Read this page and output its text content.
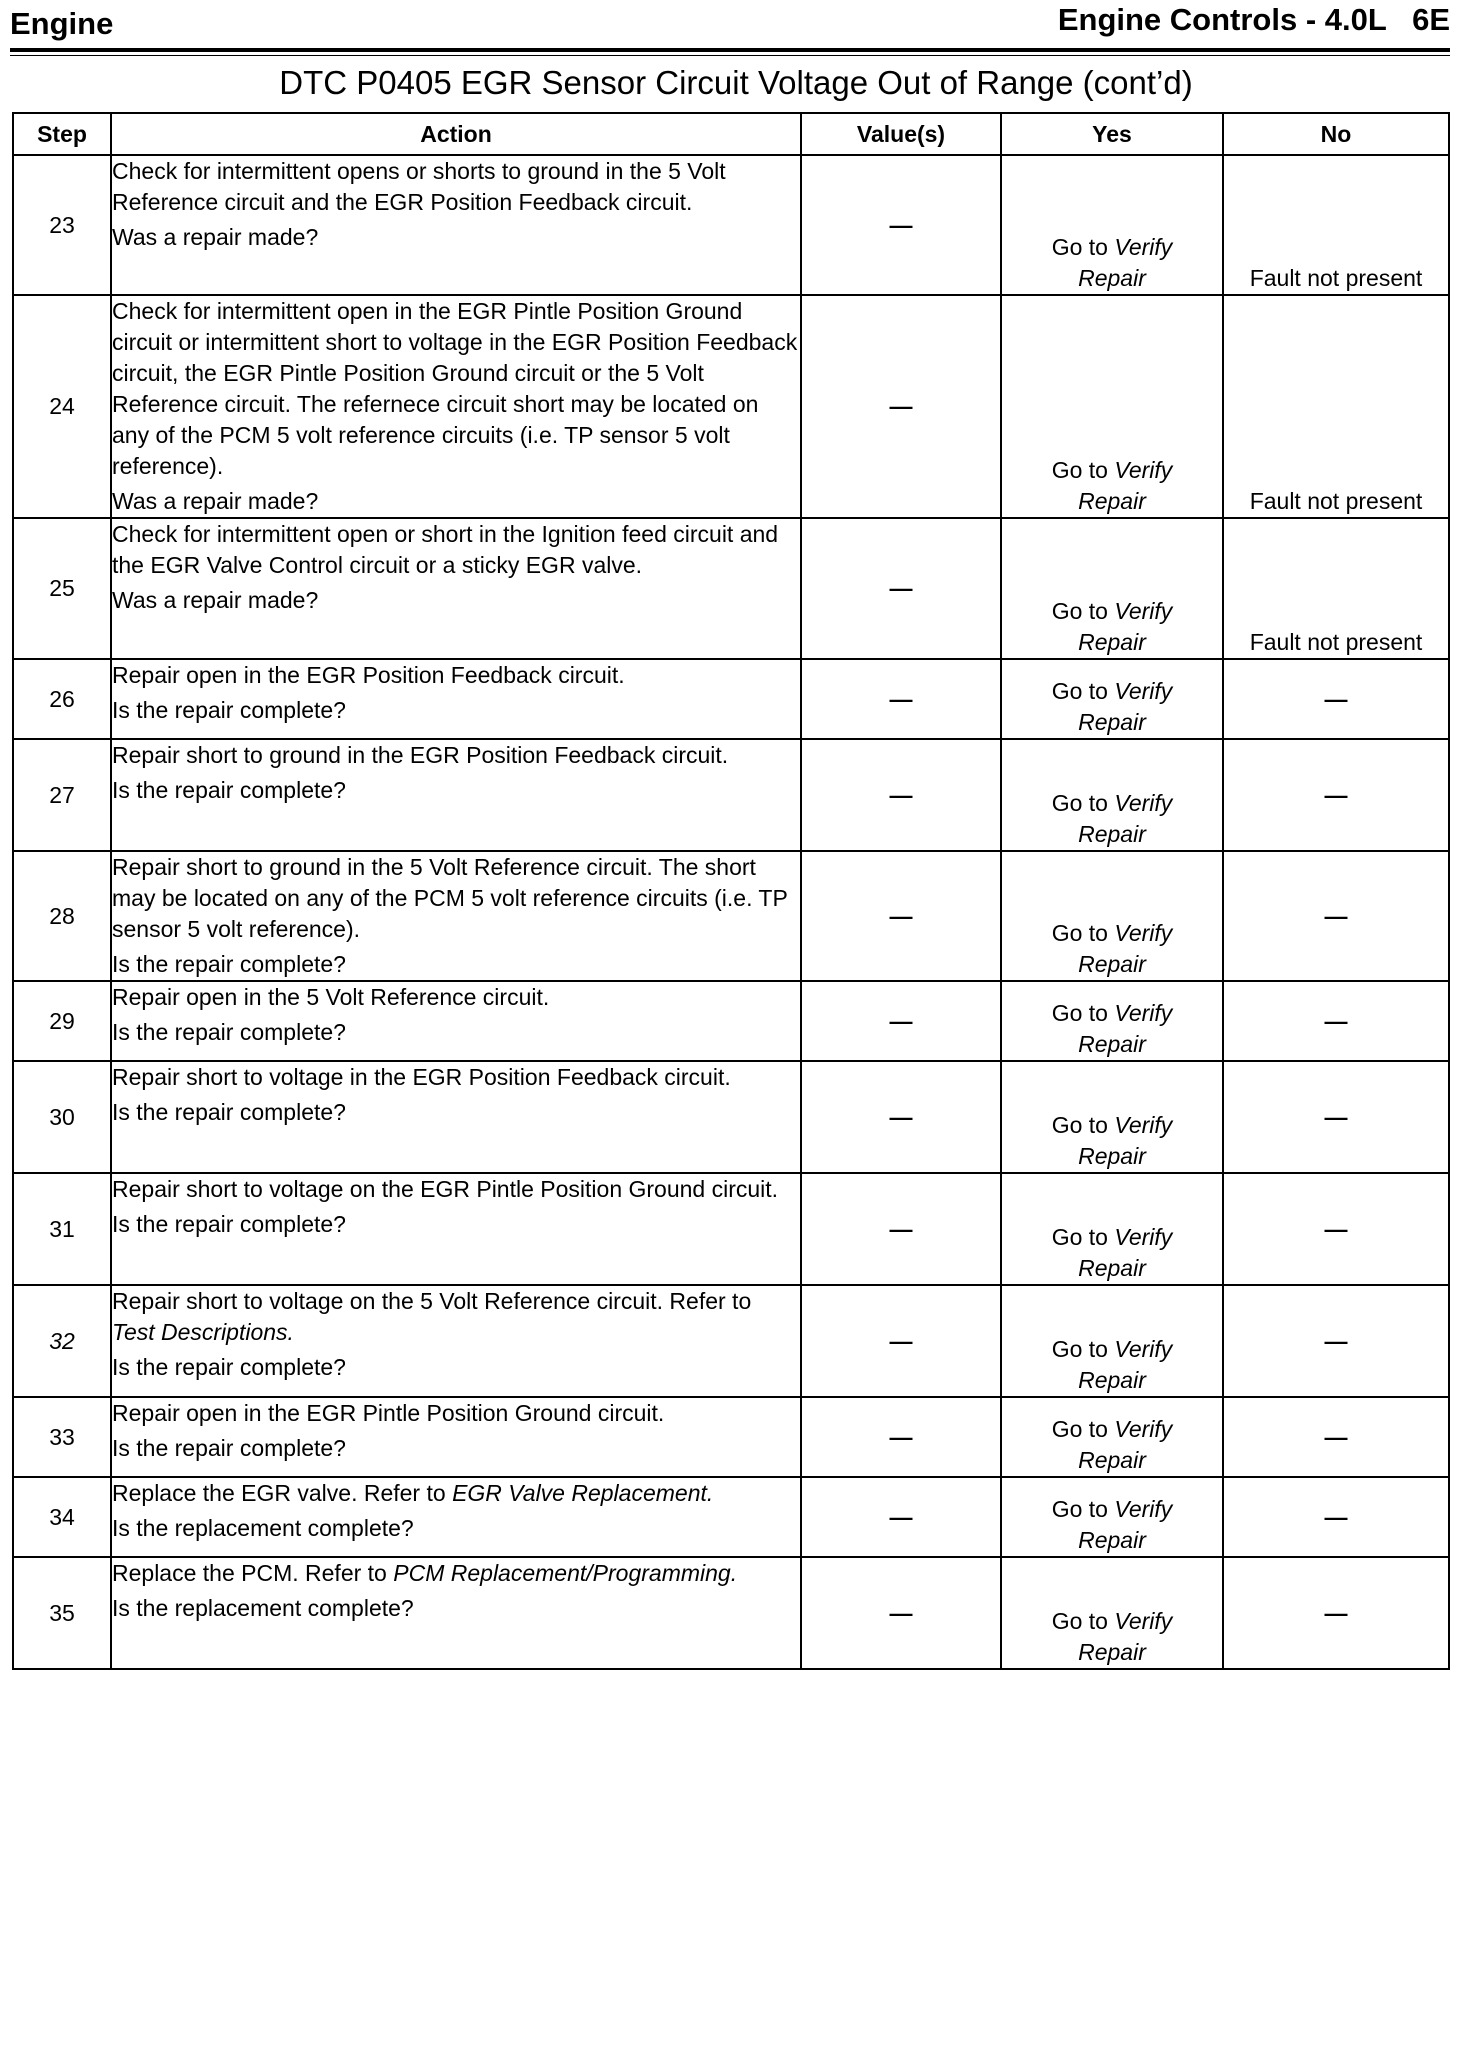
Engine	Engine Controls - 4.0L   6E
DTC P0405 EGR Sensor Circuit Voltage Out of Range (cont’d)
Step	Action	Value(s)	Yes	No
23	Check for intermittent opens or shorts to ground in the 5 Volt Reference circuit and the EGR Position Feedback circuit.
Was a repair made?	—	Go to Verify Repair	Fault not present
24	Check for intermittent open in the EGR Pintle Position Ground circuit or intermittent short to voltage in the EGR Position Feedback circuit, the EGR Pintle Position Ground circuit or the 5 Volt Reference circuit. The refernece circuit short may be located on any of the PCM 5 volt reference circuits (i.e. TP sensor 5 volt reference).
Was a repair made?	—	Go to Verify Repair	Fault not present
25	Check for intermittent open or short in the Ignition feed circuit and the EGR Valve Control circuit or a sticky EGR valve.
Was a repair made?	—	Go to Verify Repair	Fault not present
26	Repair open in the EGR Position Feedback circuit.
Is the repair complete?	—	Go to Verify Repair	—
27	Repair short to ground in the EGR Position Feedback circuit.
Is the repair complete?	—	Go to Verify Repair	—
28	Repair short to ground in the 5 Volt Reference circuit. The short may be located on any of the PCM 5 volt reference circuits (i.e. TP sensor 5 volt reference).
Is the repair complete?	—	Go to Verify Repair	—
29	Repair open in the 5 Volt Reference circuit.
Is the repair complete?	—	Go to Verify Repair	—
30	Repair short to voltage in the EGR Position Feedback circuit.
Is the repair complete?	—	Go to Verify Repair	—
31	Repair short to voltage on the EGR Pintle Position Ground circuit.
Is the repair complete?	—	Go to Verify Repair	—
32	Repair short to voltage on the 5 Volt Reference circuit. Refer to Test Descriptions.
Is the repair complete?	—	Go to Verify Repair	—
33	Repair open in the EGR Pintle Position Ground circuit.
Is the repair complete?	—	Go to Verify Repair	—
34	Replace the EGR valve. Refer to EGR Valve Replacement.
Is the replacement complete?	—	Go to Verify Repair	—
35	Replace the PCM. Refer to PCM Replacement/Programming.
Is the replacement complete?	—	Go to Verify Repair	—
